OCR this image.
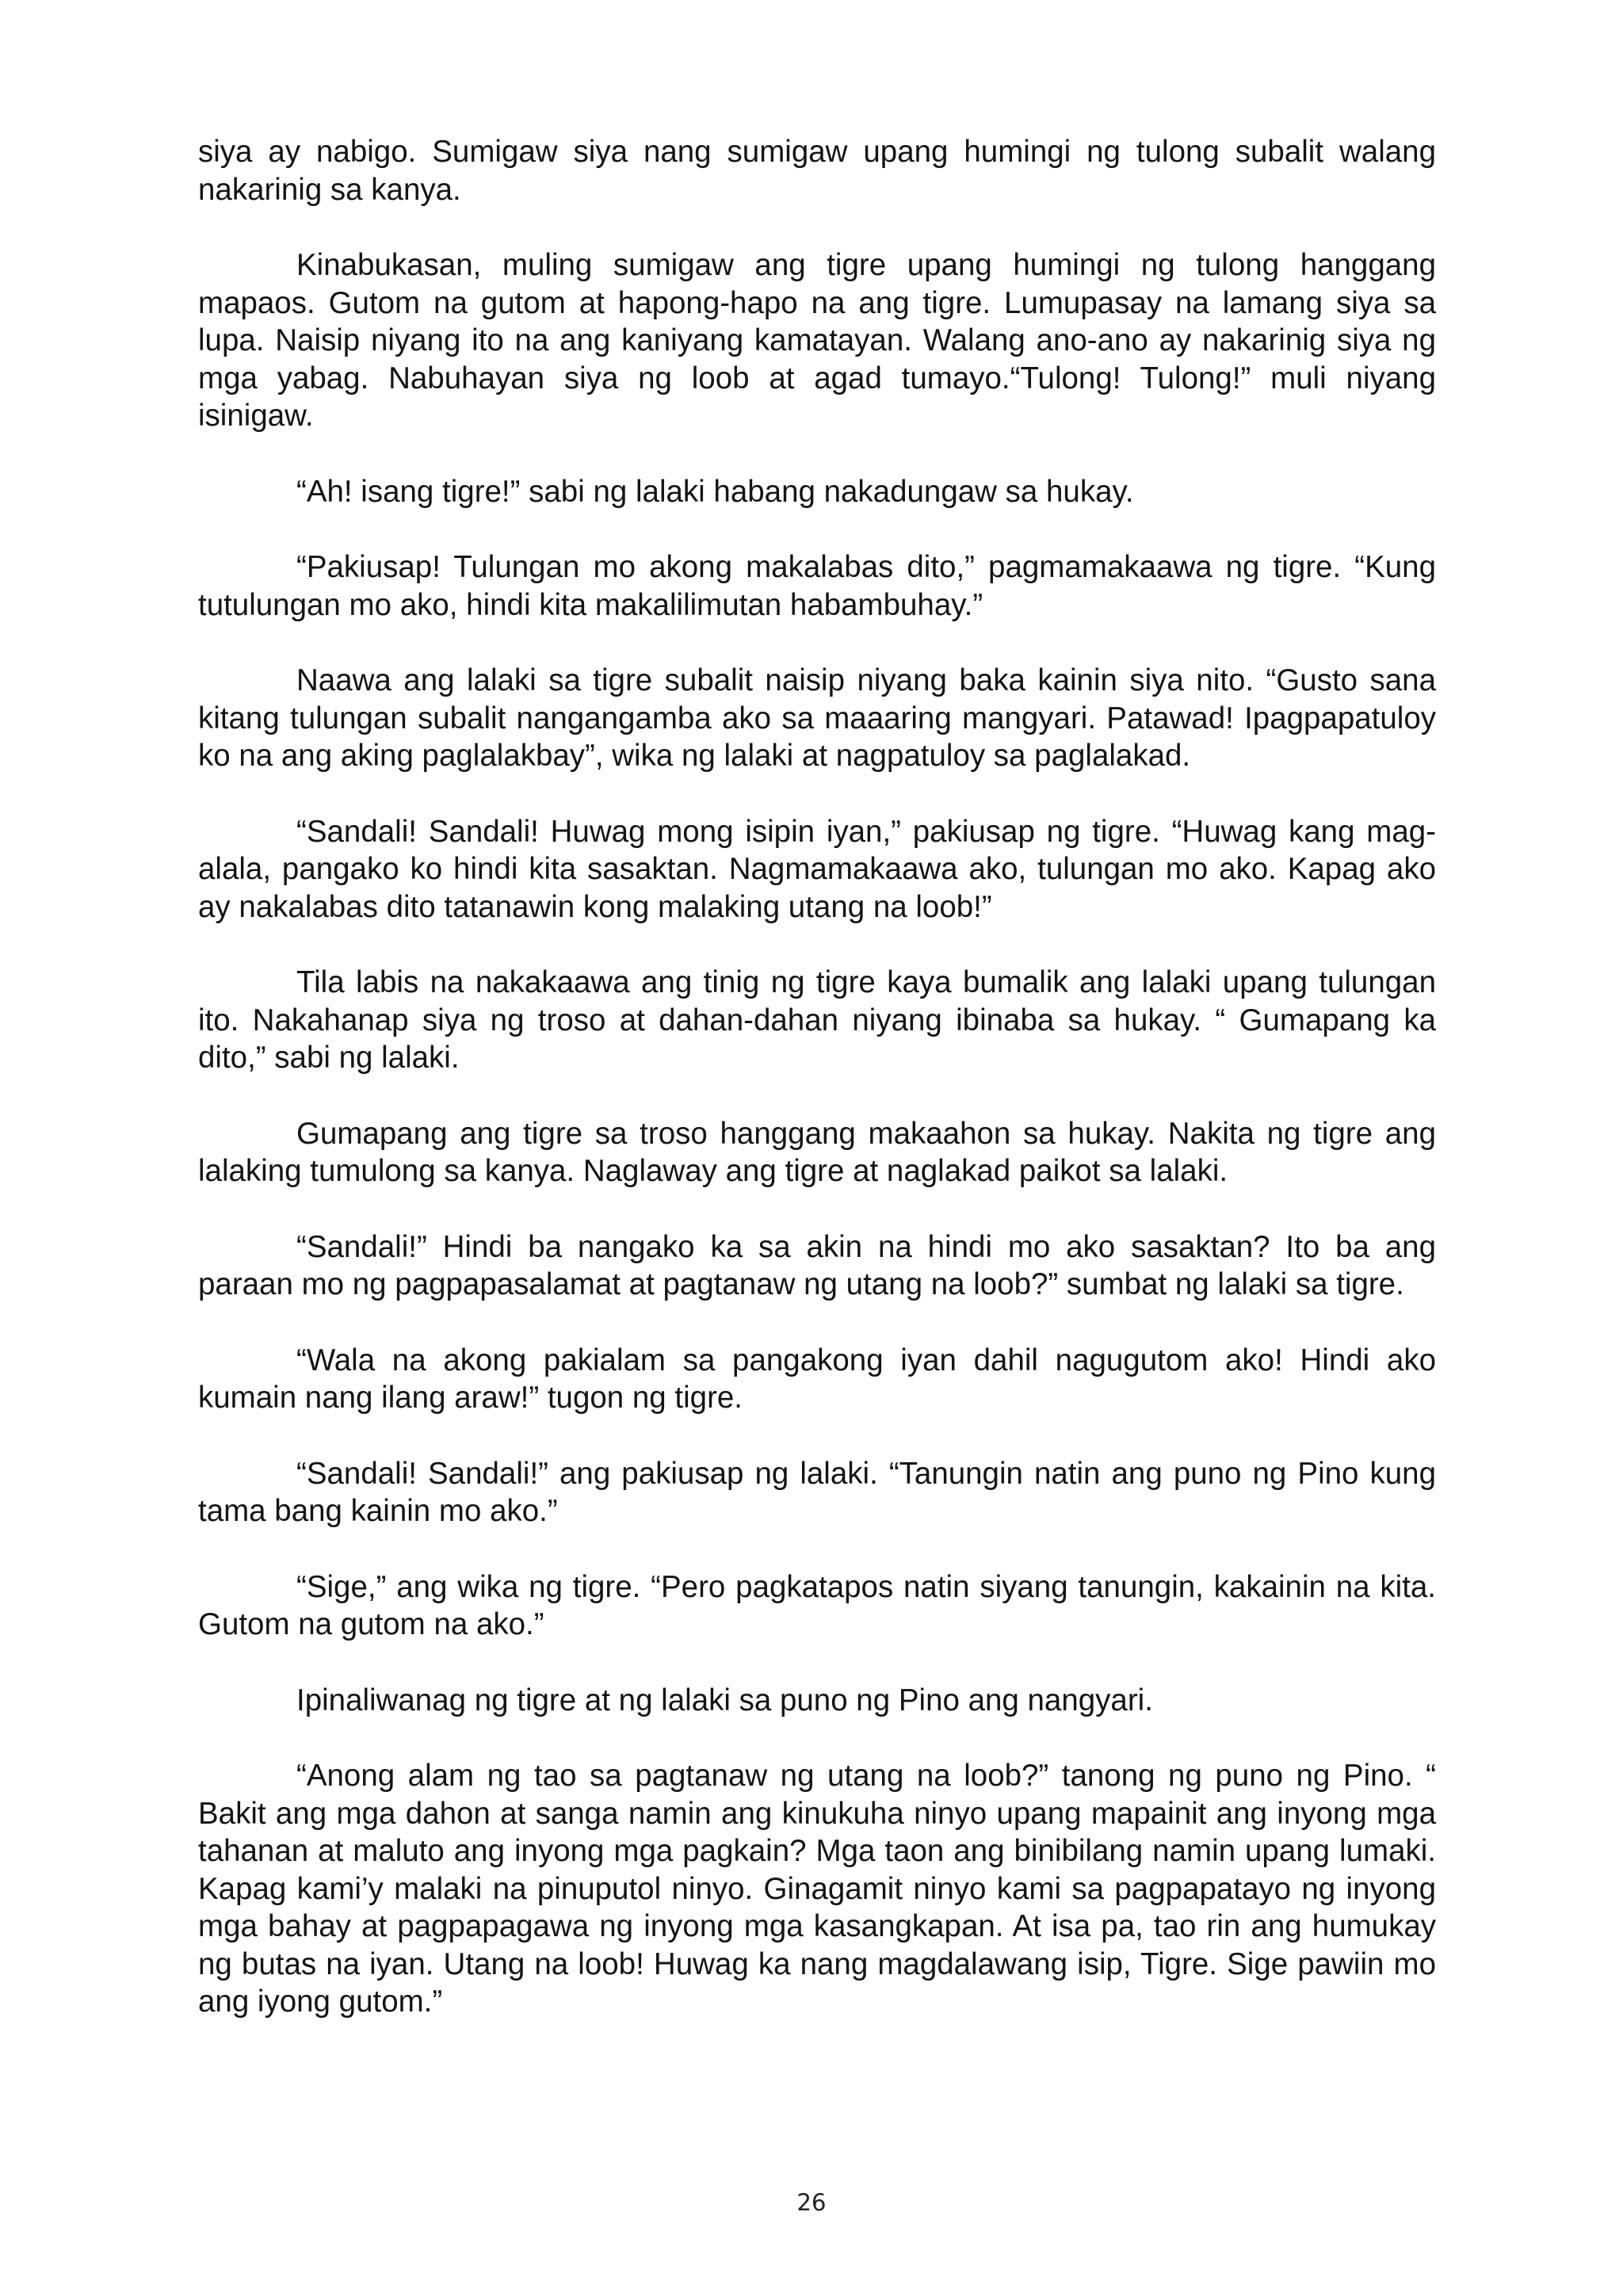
siya ay nabigo. Sumigaw siya nang sumigaw upang humingi ng tulong subalit walang nakarinig sa kanya.

Kinabukasan, muling sumigaw ang tigre upang humingi ng tulong hanggang mapaos. Gutom na gutom at hapong-hapo na ang tigre. Lumupasay na lamang siya sa lupa. Naisip niyang ito na ang kaniyang kamatayan. Walang ano-ano ay nakarinig siya ng mga yabag. Nabuhayan siya ng loob at agad tumayo.“Tulong! Tulong!” muli niyang isinigaw.

“Ah! isang tigre!” sabi ng lalaki habang nakadungaw sa hukay.

“Pakiusap! Tulungan mo akong makalabas dito,” pagmamakaawa ng tigre. “Kung tutulungan mo ako, hindi kita makalilimutan habambuhay.”

Naawa ang lalaki sa tigre subalit naisip niyang baka kainin siya nito. “Gusto sana kitang tulungan subalit nangangamba ako sa maaaring mangyari. Patawad! Ipagpapatuloy ko na ang aking paglalakbay”, wika ng lalaki at nagpatuloy sa paglalakad.

“Sandali! Sandali! Huwag mong isipin iyan,” pakiusap ng tigre. “Huwag kang mag-alala, pangako ko hindi kita sasaktan. Nagmamakaawa ako, tulungan mo ako. Kapag ako ay nakalabas dito tatanawin kong malaking utang na loob!”

Tila labis na nakakaawa ang tinig ng tigre kaya bumalik ang lalaki upang tulungan ito. Nakahanap siya ng troso at dahan-dahan niyang ibinaba sa hukay. “ Gumapang ka dito,” sabi ng lalaki.

Gumapang ang tigre sa troso hanggang makaahon sa hukay. Nakita ng tigre ang lalaking tumulong sa kanya. Naglaway ang tigre at naglakad paikot sa lalaki.

“Sandali!” Hindi ba nangako ka sa akin na hindi mo ako sasaktan? Ito ba ang paraan mo ng pagpapasalamat at pagtanaw ng utang na loob?” sumbat ng lalaki sa tigre.

“Wala na akong pakialam sa pangakong iyan dahil nagugutom ako! Hindi ako kumain nang ilang araw!” tugon ng tigre.

“Sandali! Sandali!” ang pakiusap ng lalaki. “Tanungin natin ang puno ng Pino kung tama bang kainin mo ako.”

“Sige,” ang wika ng tigre. “Pero pagkatapos natin siyang tanungin, kakainin na kita. Gutom na gutom na ako.”

Ipinaliwanag ng tigre at ng lalaki sa puno ng Pino ang nangyari.

“Anong alam ng tao sa pagtanaw ng utang na loob?” tanong ng puno ng Pino. “ Bakit ang mga dahon at sanga namin ang kinukuha ninyo upang mapainit ang inyong mga tahanan at maluto ang inyong mga pagkain? Mga taon ang binibilang namin upang lumaki. Kapag kami’y malaki na pinuputol ninyo. Ginagamit ninyo kami sa pagpapatayo ng inyong mga bahay at pagpapagawa ng inyong mga kasangkapan. At isa pa, tao rin ang humukay ng butas na iyan. Utang na loob! Huwag ka nang magdalawang isip, Tigre. Sige pawiin mo ang iyong gutom.”

26
